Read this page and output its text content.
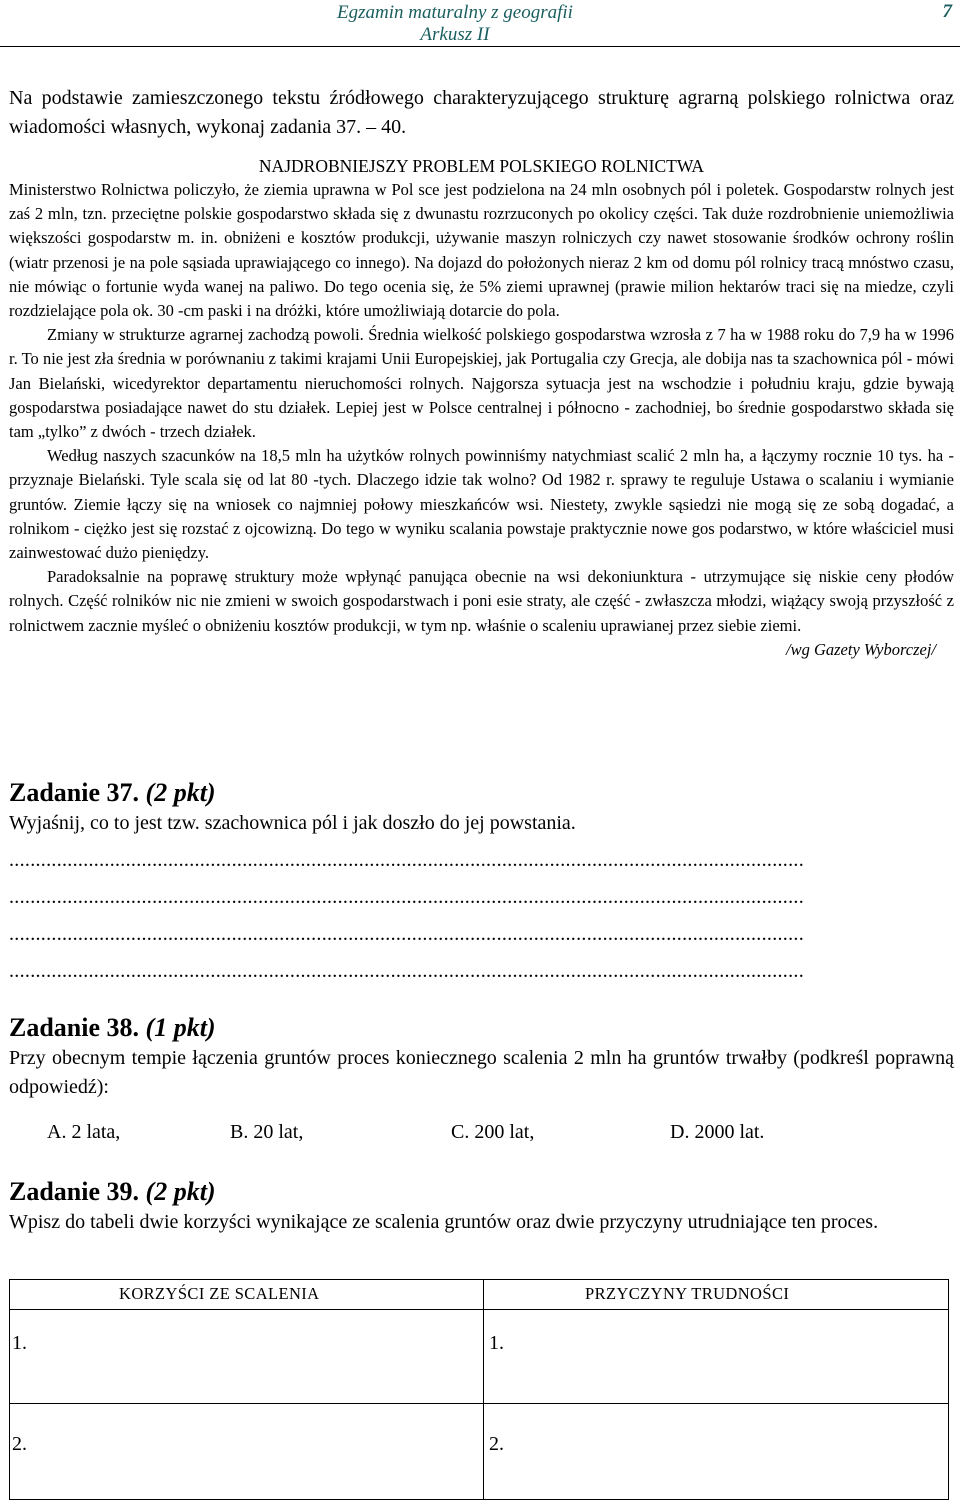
Egzamin maturalny z geografii
Arkusz II
7
Na podstawie zamieszczonego tekstu źródłowego charakteryzującego strukturę agrarną polskiego rolnictwa oraz wiadomości własnych, wykonaj zadania 37. – 40.

NAJDROBNIEJSZY PROBLEM POLSKIEGO ROLNICTWA

Ministerstwo Rolnictwa policzyło, że ziemia uprawna w Pol sce jest podzielona na 24 mln osobnych pól i poletek. Gospodarstw rolnych jest zaś 2 mln, tzn. przeciętne polskie gospodarstwo składa się z dwunastu rozrzuconych po okolicy części. Tak duże rozdrobnienie uniemożliwia większości gospodarstw m. in. obniżeni e kosztów produkcji, używanie maszyn rolniczych czy nawet stosowanie środków ochrony roślin (wiatr przenosi je na pole sąsiada uprawiającego co innego). Na dojazd do położonych nieraz 2 km od domu pól rolnicy tracą mnóstwo czasu, nie mówiąc o fortunie wyda wanej na paliwo. Do tego ocenia się, że 5% ziemi uprawnej (prawie milion hektarów traci się na miedze, czyli rozdzielające pola ok. 30 -cm paski i na dróżki, które umożliwiają dotarcie do pola.

Zmiany w strukturze agrarnej zachodzą powoli. Średnia wielkość polskiego gospodarstwa wzrosła z 7 ha w 1988 roku do 7,9 ha w 1996 r. To nie jest zła średnia w porównaniu z takimi krajami Unii Europejskiej, jak Portugalia czy Grecja, ale dobija nas ta szachownica pól - mówi Jan Bielański, wicedyrektor departamentu nieruchomości rolnych. Najgorsza sytuacja jest na wschodzie i południu kraju, gdzie bywają gospodarstwa posiadające nawet do stu działek. Lepiej jest w Polsce centralnej i północno - zachodniej, bo średnie gospodarstwo składa się tam „tylko” z dwóch - trzech działek.

Według naszych szacunków na 18,5 mln ha użytków rolnych powinniśmy natychmiast scalić 2 mln ha, a łączymy rocznie 10 tys. ha - przyznaje Bielański. Tyle scala się od lat 80 -tych. Dlaczego idzie tak wolno? Od 1982 r. sprawy te reguluje Ustawa o scalaniu i wymianie gruntów. Ziemie łączy się na wniosek co najmniej połowy mieszkańców wsi. Niestety, zwykle sąsiedzi nie mogą się ze sobą dogadać, a rolnikom - ciężko jest się rozstać z ojcowizną. Do tego w wyniku scalania powstaje praktycznie nowe gos podarstwo, w które właściciel musi zainwestować dużo pieniędzy.

Paradoksalnie na poprawę struktury może wpłynąć panująca obecnie na wsi dekoniunktura - utrzymujące się niskie ceny płodów rolnych. Część rolników nic nie zmieni w swoich gospodarstwach i poni esie straty, ale część - zwłaszcza młodzi, wiążący swoją przyszłość z rolnictwem zacznie myśleć o obniżeniu kosztów produkcji, w tym np. właśnie o scaleniu uprawianej przez siebie ziemi.
/wg Gazety Wyborczej/

Zadanie 37. (2 pkt)
Wyjaśnij, co to jest tzw. szachownica pól i jak doszło do jej powstania.
......................................................................................................................................................
......................................................................................................................................................
......................................................................................................................................................
......................................................................................................................................................
Zadanie 38. (1 pkt)
Przy obecnym tempie łączenia gruntów proces koniecznego scalenia 2 mln ha gruntów trwałby (podkreśl poprawną odpowiedź):
A. 2 lata,	B. 20 lat,	C. 200 lat,	D. 2000 lat.
Zadanie 39. (2 pkt)
Wpisz do tabeli dwie korzyści wynikające ze scalenia gruntów oraz dwie przyczyny utrudniające ten proces.
KORZYŚCI ZE SCALENIA	PRZYCZYNY TRUDNOŚCI
1.	1.
2.	2.
